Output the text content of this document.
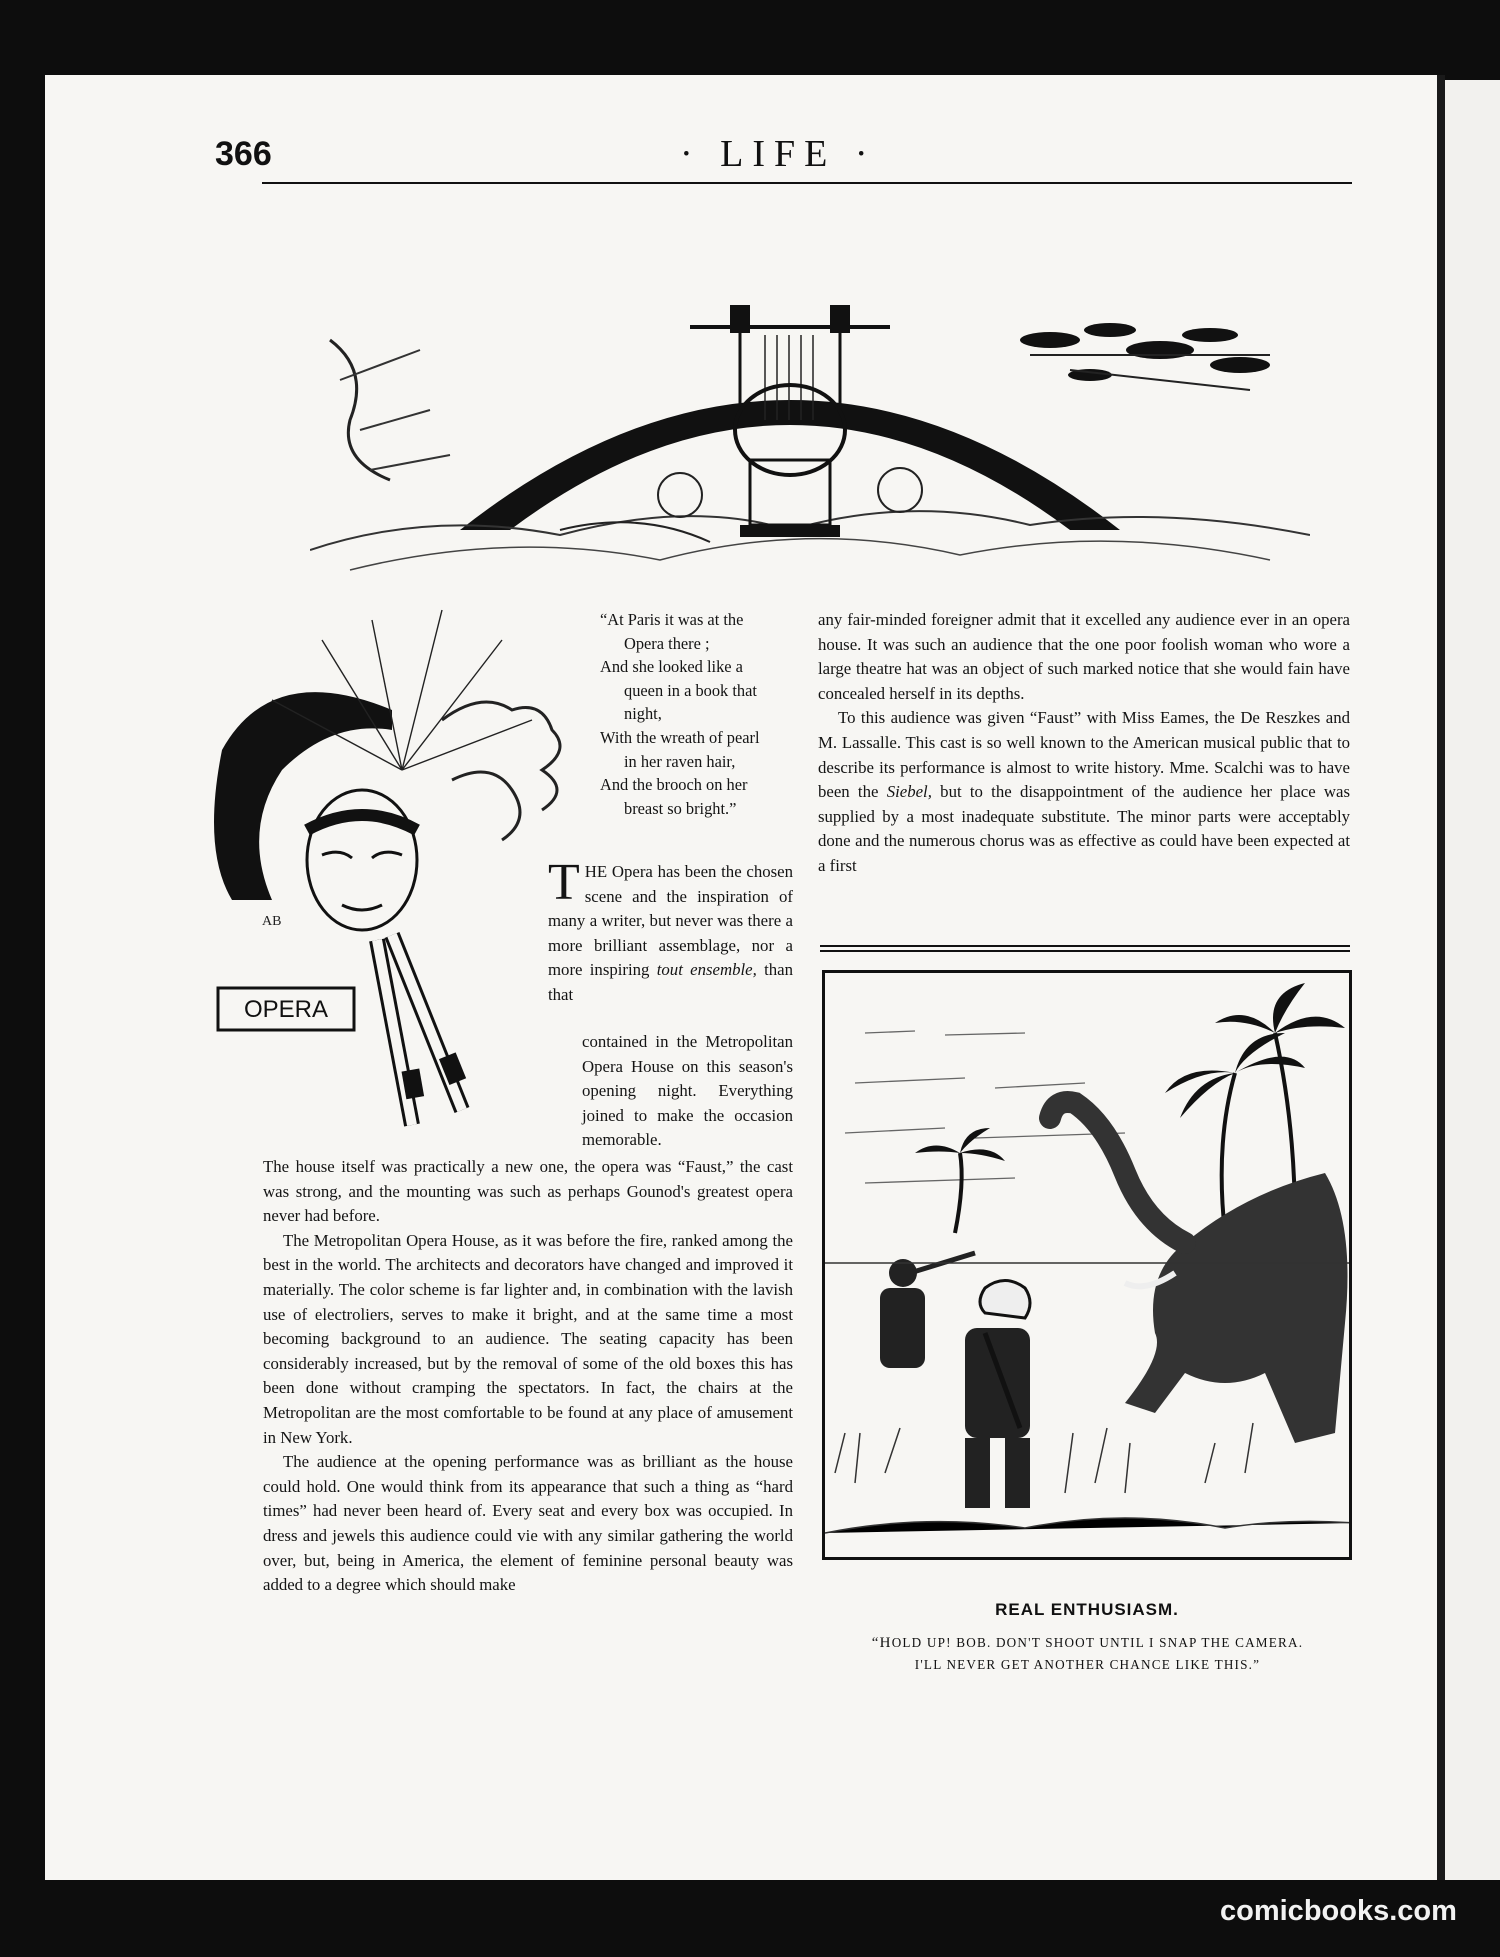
366	· LIFE ·
OPERA
AB
“At Paris it was at the
Opera there ;
And she looked like a
queen in a book that
night,
With the wreath of pearl
in her raven hair,
And the brooch on her
breast so bright.”
T HE Opera has been the chosen scene and the inspiration of many a writer, but never was there a more brilliant assemblage, nor a more inspiring tout ensemble, than that
contained in the Metropolitan Opera House on this season's opening night. Everything joined to make the occasion memorable.

The house itself was practically a new one, the opera was “Faust,” the cast was strong, and the mounting was such as perhaps Gounod's greatest opera never had before.

The Metropolitan Opera House, as it was before the fire, ranked among the best in the world. The architects and decorators have changed and improved it materially. The color scheme is far lighter and, in combination with the lavish use of electroliers, serves to make it bright, and at the same time a most becoming background to an audience. The seating capacity has been considerably increased, but by the removal of some of the old boxes this has been done without cramping the spectators. In fact, the chairs at the Metropolitan are the most comfortable to be found at any place of amusement in New York.

The audience at the opening performance was as brilliant as the house could hold. One would think from its appearance that such a thing as “hard times” had never been heard of. Every seat and every box was occupied. In dress and jewels this audience could vie with any similar gathering the world over, but, being in America, the element of feminine personal beauty was added to a degree which should make

any fair-minded foreigner admit that it excelled any audience ever in an opera house. It was such an audience that the one poor foolish woman who wore a large theatre hat was an object of such marked notice that she would fain have concealed herself in its depths.

To this audience was given “Faust” with Miss Eames, the De Reszkes and M. Lassalle. This cast is so well known to the American musical public that to describe its performance is almost to write history. Mme. Scalchi was to have been the Siebel, but to the disappointment of the audience her place was supplied by a most inadequate substitute. The minor parts were acceptably done and the numerous chorus was as effective as could have been expected at a first

REAL ENTHUSIASM.
“HOLD UP! BOB. DON'T SHOOT UNTIL I SNAP THE CAMERA.
I'LL NEVER GET ANOTHER CHANCE LIKE THIS.”
comicbooks.com
